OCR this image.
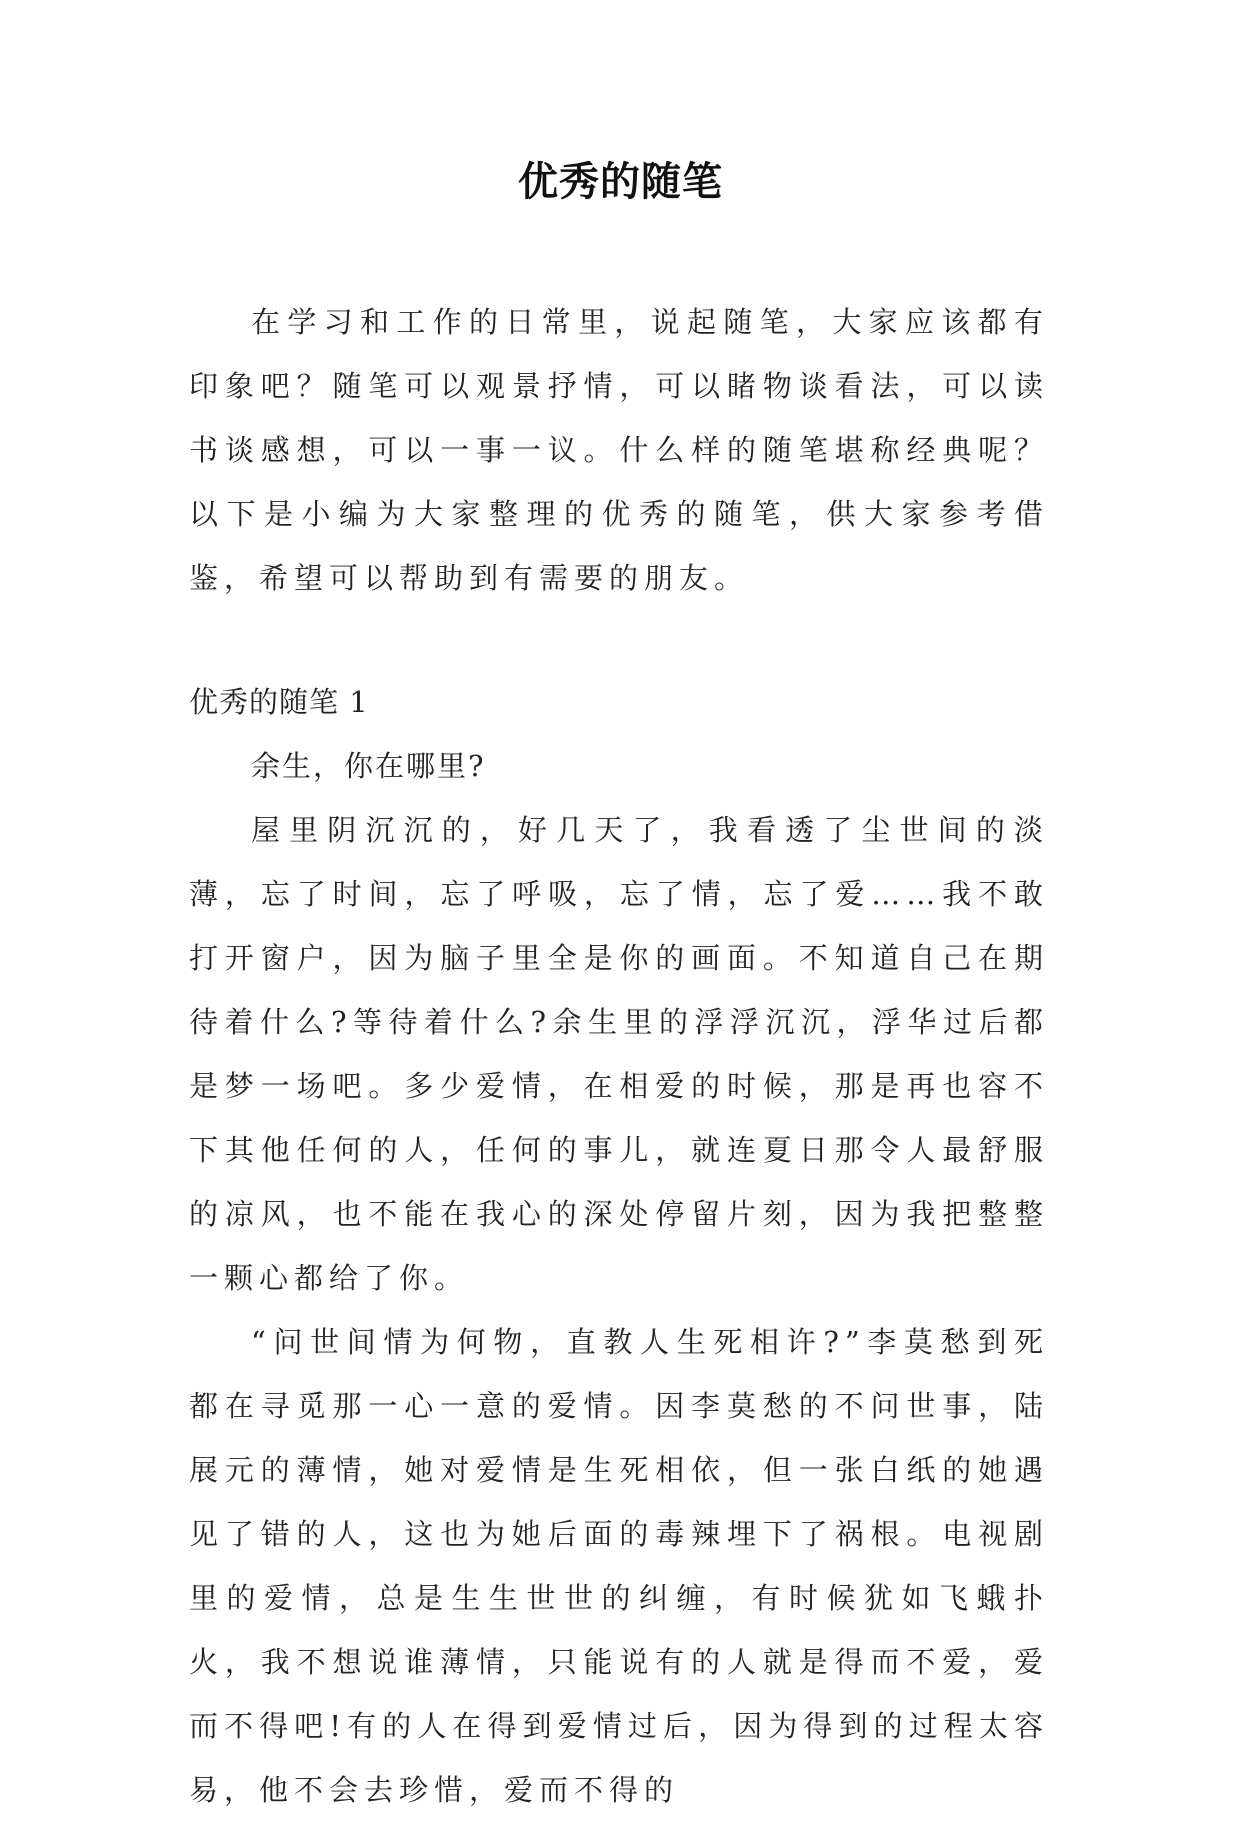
优秀的随笔

在学习和工作的日常里，说起随笔，大家应该都有印象吧？随笔可以观景抒情，可以睹物谈看法，可以读书谈感想，可以一事一议。什么样的随笔堪称经典呢？以下是小编为大家整理的优秀的随笔，供大家参考借鉴，希望可以帮助到有需要的朋友。

优秀的随笔 1

余生，你在哪里?

屋里阴沉沉的，好几天了，我看透了尘世间的淡薄，忘了时间，忘了呼吸，忘了情，忘了爱……我不敢打开窗户，因为脑子里全是你的画面。不知道自己在期待着什么?等待着什么?余生里的浮浮沉沉，浮华过后都是梦一场吧。多少爱情，在相爱的时候，那是再也容不下其他任何的人，任何的事儿，就连夏日那令人最舒服的凉风，也不能在我心的深处停留片刻，因为我把整整一颗心都给了你。

“问世间情为何物，直教人生死相许?”李莫愁到死都在寻觅那一心一意的爱情。因李莫愁的不问世事，陆展元的薄情，她对爱情是生死相依，但一张白纸的她遇见了错的人，这也为她后面的毒辣埋下了祸根。电视剧里的爱情，总是生生世世的纠缠，有时候犹如飞蛾扑火，我不想说谁薄情，只能说有的人就是得而不爱，爱而不得吧!有的人在得到爱情过后，因为得到的过程太容易，他不会去珍惜，爱而不得的
